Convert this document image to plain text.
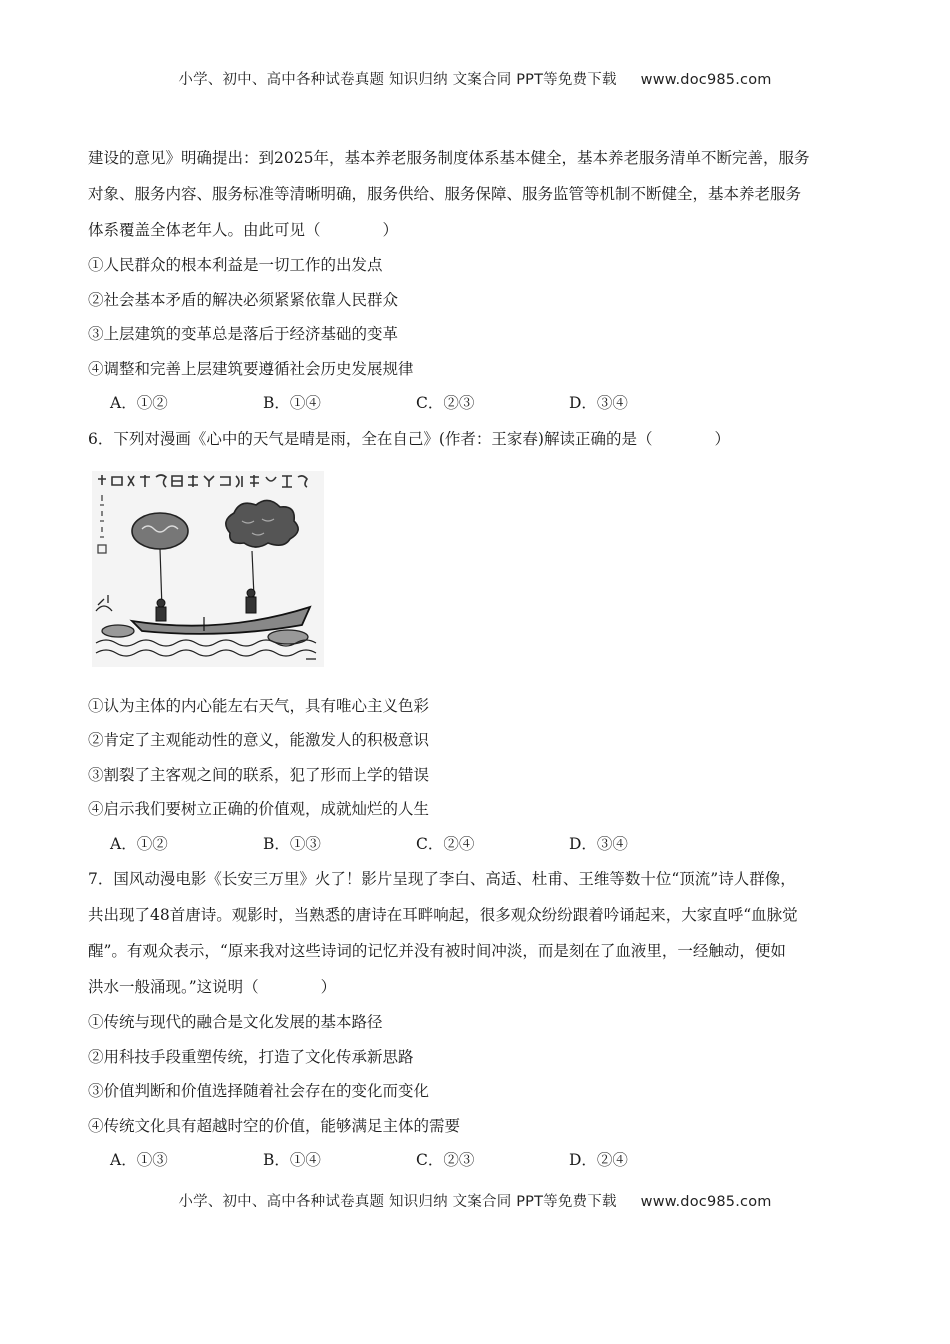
小学、初中、高中各种试卷真题 知识归纳 文案合同 PPT等免费下载 www.doc985.com

建设的意见》明确提出：到2025年，基本养老服务制度体系基本健全，基本养老服务清单不断完善，服务

对象、服务内容、服务标准等清晰明确，服务供给、服务保障、服务监管等机制不断健全，基本养老服务

体系覆盖全体老年人。由此可见（　　　　）

①人民群众的根本利益是一切工作的出发点

②社会基本矛盾的解决必须紧紧依靠人民群众

③上层建筑的变革总是落后于经济基础的变革

④调整和完善上层建筑要遵循社会历史发展规律

A．①②	B．①④	C．②③	D．③④

6．下列对漫画《心中的天气是晴是雨，全在自己》(作者：王家春)解读正确的是（　　　　）

①认为主体的内心能左右天气，具有唯心主义色彩

②肯定了主观能动性的意义，能激发人的积极意识

③割裂了主客观之间的联系，犯了形而上学的错误

④启示我们要树立正确的价值观，成就灿烂的人生

A．①②	B．①③	C．②④	D．③④

7．国风动漫电影《长安三万里》火了！影片呈现了李白、高适、杜甫、王维等数十位“顶流”诗人群像，

共出现了48首唐诗。观影时，当熟悉的唐诗在耳畔响起，很多观众纷纷跟着吟诵起来，大家直呼“血脉觉

醒”。有观众表示，“原来我对这些诗词的记忆并没有被时间冲淡，而是刻在了血液里，一经触动，便如

洪水一般涌现。”这说明（　　　　）

①传统与现代的融合是文化发展的基本路径

②用科技手段重塑传统，打造了文化传承新思路

③价值判断和价值选择随着社会存在的变化而变化

④传统文化具有超越时空的价值，能够满足主体的需要

A．①③	B．①④	C．②③	D．②④
小学、初中、高中各种试卷真题 知识归纳 文案合同 PPT等免费下载 www.doc985.com
